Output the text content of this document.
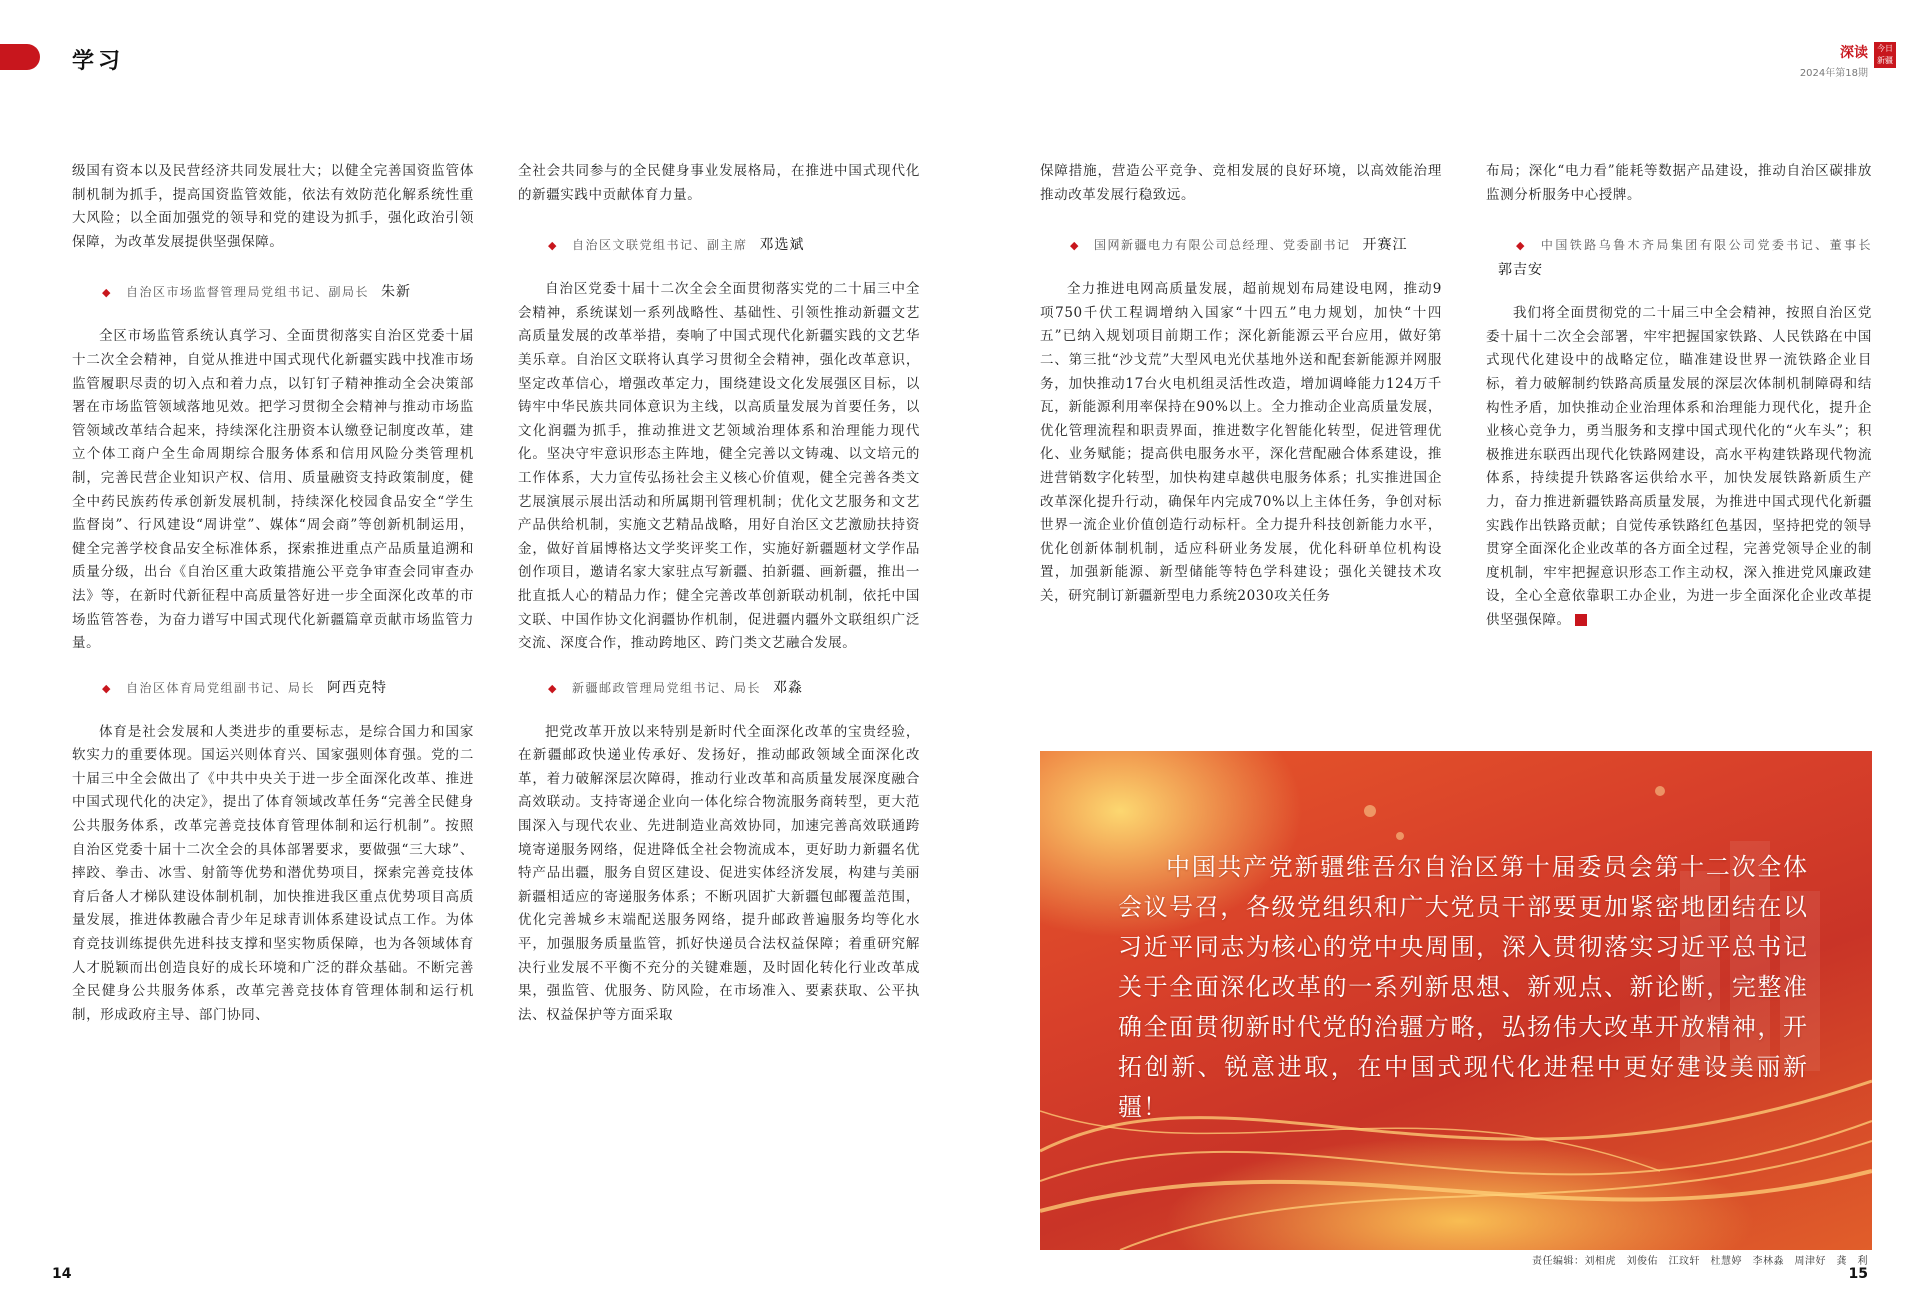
学习	深读
2024年第18期
今日新疆

级国有资本以及民营经济共同发展壮大；以健全完善国资监管体制机制为抓手，提高国资监管效能，依法有效防范化解系统性重大风险；以全面加强党的领导和党的建设为抓手，强化政治引领保障，为改革发展提供坚强保障。

◆ 自治区市场监督管理局党组书记、副局长 朱新

全区市场监管系统认真学习、全面贯彻落实自治区党委十届十二次全会精神，自觉从推进中国式现代化新疆实践中找准市场监管履职尽责的切入点和着力点，以钉钉子精神推动全会决策部署在市场监管领域落地见效。把学习贯彻全会精神与推动市场监管领域改革结合起来，持续深化注册资本认缴登记制度改革，建立个体工商户全生命周期综合服务体系和信用风险分类管理机制，完善民营企业知识产权、信用、质量融资支持政策制度，健全中药民族药传承创新发展机制，持续深化校园食品安全“学生监督岗”、行风建设“周讲堂”、媒体“周会商”等创新机制运用，健全完善学校食品安全标准体系，探索推进重点产品质量追溯和质量分级，出台《自治区重大政策措施公平竞争审查会同审查办法》等，在新时代新征程中高质量答好进一步全面深化改革的市场监管答卷，为奋力谱写中国式现代化新疆篇章贡献市场监管力量。

◆ 自治区体育局党组副书记、局长 阿西克特

体育是社会发展和人类进步的重要标志，是综合国力和国家软实力的重要体现。国运兴则体育兴、国家强则体育强。党的二十届三中全会做出了《中共中央关于进一步全面深化改革、推进中国式现代化的决定》，提出了体育领域改革任务“完善全民健身公共服务体系，改革完善竞技体育管理体制和运行机制”。按照自治区党委十届十二次全会的具体部署要求，要做强“三大球”、摔跤、拳击、冰雪、射箭等优势和潜优势项目，探索完善竞技体育后备人才梯队建设体制机制，加快推进我区重点优势项目高质量发展，推进体教融合青少年足球青训体系建设试点工作。为体育竞技训练提供先进科技支撑和坚实物质保障，也为各领域体育人才脱颖而出创造良好的成长环境和广泛的群众基础。不断完善全民健身公共服务体系，改革完善竞技体育管理体制和运行机制，形成政府主导、部门协同、

全社会共同参与的全民健身事业发展格局，在推进中国式现代化的新疆实践中贡献体育力量。

◆ 自治区文联党组书记、副主席 邓选斌

自治区党委十届十二次全会全面贯彻落实党的二十届三中全会精神，系统谋划一系列战略性、基础性、引领性推动新疆文艺高质量发展的改革举措，奏响了中国式现代化新疆实践的文艺华美乐章。自治区文联将认真学习贯彻全会精神，强化改革意识，坚定改革信心，增强改革定力，围绕建设文化发展强区目标，以铸牢中华民族共同体意识为主线，以高质量发展为首要任务，以文化润疆为抓手，推动推进文艺领域治理体系和治理能力现代化。坚决守牢意识形态主阵地，健全完善以文铸魂、以文培元的工作体系，大力宣传弘扬社会主义核心价值观，健全完善各类文艺展演展示展出活动和所属期刊管理机制；优化文艺服务和文艺产品供给机制，实施文艺精品战略，用好自治区文艺激励扶持资金，做好首届博格达文学奖评奖工作，实施好新疆题材文学作品创作项目，邀请名家大家驻点写新疆、拍新疆、画新疆，推出一批直抵人心的精品力作；健全完善改革创新联动机制，依托中国文联、中国作协文化润疆协作机制，促进疆内疆外文联组织广泛交流、深度合作，推动跨地区、跨门类文艺融合发展。

◆ 新疆邮政管理局党组书记、局长 邓淼

把党改革开放以来特别是新时代全面深化改革的宝贵经验，在新疆邮政快递业传承好、发扬好，推动邮政领域全面深化改革，着力破解深层次障碍，推动行业改革和高质量发展深度融合高效联动。支持寄递企业向一体化综合物流服务商转型，更大范围深入与现代农业、先进制造业高效协同，加速完善高效联通跨境寄递服务网络，促进降低全社会物流成本，更好助力新疆名优特产品出疆，服务自贸区建设、促进实体经济发展，构建与美丽新疆相适应的寄递服务体系；不断巩固扩大新疆包邮覆盖范围，优化完善城乡末端配送服务网络，提升邮政普遍服务均等化水平，加强服务质量监管，抓好快递员合法权益保障；着重研究解决行业发展不平衡不充分的关键难题，及时固化转化行业改革成果，强监管、优服务、防风险，在市场准入、要素获取、公平执法、权益保护等方面采取

保障措施，营造公平竞争、竞相发展的良好环境，以高效能治理推动改革发展行稳致远。

◆ 国网新疆电力有限公司总经理、党委副书记 开赛江

全力推进电网高质量发展，超前规划布局建设电网，推动9项750千伏工程调增纳入国家“十四五”电力规划，加快“十四五”已纳入规划项目前期工作；深化新能源云平台应用，做好第二、第三批“沙戈荒”大型风电光伏基地外送和配套新能源并网服务，加快推动17台火电机组灵活性改造，增加调峰能力124万千瓦，新能源利用率保持在90%以上。全力推动企业高质量发展，优化管理流程和职责界面，推进数字化智能化转型，促进管理优化、业务赋能；提高供电服务水平，深化营配融合体系建设，推进营销数字化转型，加快构建卓越供电服务体系；扎实推进国企改革深化提升行动，确保年内完成70%以上主体任务，争创对标世界一流企业价值创造行动标杆。全力提升科技创新能力水平，优化创新体制机制，适应科研业务发展，优化科研单位机构设置，加强新能源、新型储能等特色学科建设；强化关键技术攻关，研究制订新疆新型电力系统2030攻关任务

布局；深化“电力看”能耗等数据产品建设，推动自治区碳排放监测分析服务中心授牌。

◆ 中国铁路乌鲁木齐局集团有限公司党委书记、董事长郭吉安

我们将全面贯彻党的二十届三中全会精神，按照自治区党委十届十二次全会部署，牢牢把握国家铁路、人民铁路在中国式现代化建设中的战略定位，瞄准建设世界一流铁路企业目标，着力破解制约铁路高质量发展的深层次体制机制障碍和结构性矛盾，加快推动企业治理体系和治理能力现代化，提升企业核心竞争力，勇当服务和支撑中国式现代化的“火车头”；积极推进东联西出现代化铁路网建设，高水平构建铁路现代物流体系，持续提升铁路客运供给水平，加快发展铁路新质生产力，奋力推进新疆铁路高质量发展，为推进中国式现代化新疆实践作出铁路贡献；自觉传承铁路红色基因，坚持把党的领导贯穿全面深化企业改革的各方面全过程，完善党领导企业的制度机制，牢牢把握意识形态工作主动权，深入推进党风廉政建设，全心全意依靠职工办企业，为进一步全面深化企业改革提供坚强保障。	J

中国共产党新疆维吾尔自治区第十届委员会第十二次全体会议号召，各级党组织和广大党员干部要更加紧密地团结在以习近平同志为核心的党中央周围，深入贯彻落实习近平总书记关于全面深化改革的一系列新思想、新观点、新论断，完整准确全面贯彻新时代党的治疆方略，弘扬伟大改革开放精神，开拓创新、锐意进取，在中国式现代化进程中更好建设美丽新疆！
14
责任编辑：刘相虎　刘俊佑　江玟轩　杜慧婷　李林淼　周津好　龚　利
15
